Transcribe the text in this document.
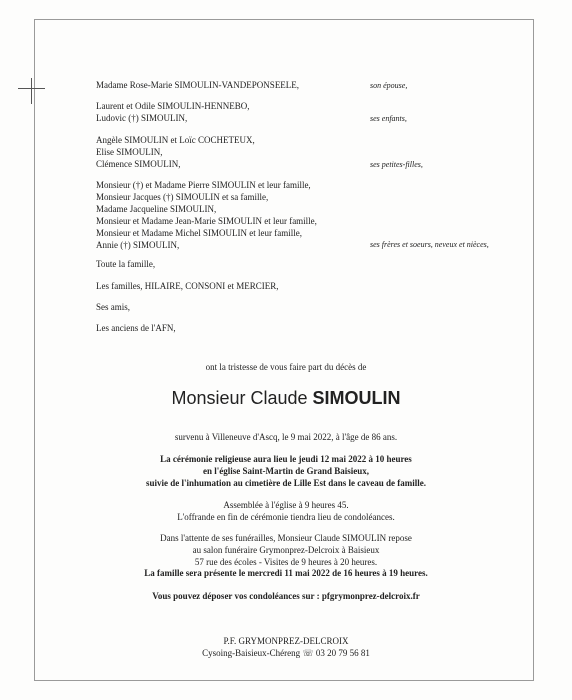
Madame Rose-Marie SIMOULIN-VANDEPONSEELE,	son épouse,
Laurent et Odile SIMOULIN-HENNEBO,
Ludovic (†) SIMOULIN,	ses enfants,
Angèle SIMOULIN et Loïc COCHETEUX,
Elise SIMOULIN,
Clémence SIMOULIN,	ses petites-filles,
Monsieur (†) et Madame Pierre SIMOULIN et leur famille,
Monsieur Jacques (†) SIMOULIN et sa famille,
Madame Jacqueline SIMOULIN,
Monsieur et Madame Jean-Marie SIMOULIN et leur famille,
Monsieur et Madame Michel SIMOULIN et leur famille,
Annie (†) SIMOULIN,	ses frères et soeurs, neveux et nièces,
Toute la famille,
Les familles, HILAIRE, CONSONI et MERCIER,
Ses amis,
Les anciens de l'AFN,
ont la tristesse de vous faire part du décès de
Monsieur Claude SIMOULIN
survenu à Villeneuve d'Ascq, le 9 mai 2022, à l'âge de 86 ans.
La cérémonie religieuse aura lieu le jeudi 12 mai 2022 à 10 heures
en l'église Saint-Martin de Grand Baisieux,
suivie de l'inhumation au cimetière de Lille Est dans le caveau de famille.
Assemblée à l'église à 9 heures 45.
L'offrande en fin de cérémonie tiendra lieu de condoléances.
Dans l'attente de ses funérailles, Monsieur Claude SIMOULIN repose
au salon funéraire Grymonprez-Delcroix à Baisieux
57 rue des écoles - Visites de 9 heures à 20 heures.
La famille sera présente le mercredi 11 mai 2022 de 16 heures à 19 heures.
Vous pouvez déposer vos condoléances sur : pfgrymonprez-delcroix.fr
P.F. GRYMONPREZ-DELCROIX
Cysoing-Baisieux-Chéreng ☏ 03 20 79 56 81
